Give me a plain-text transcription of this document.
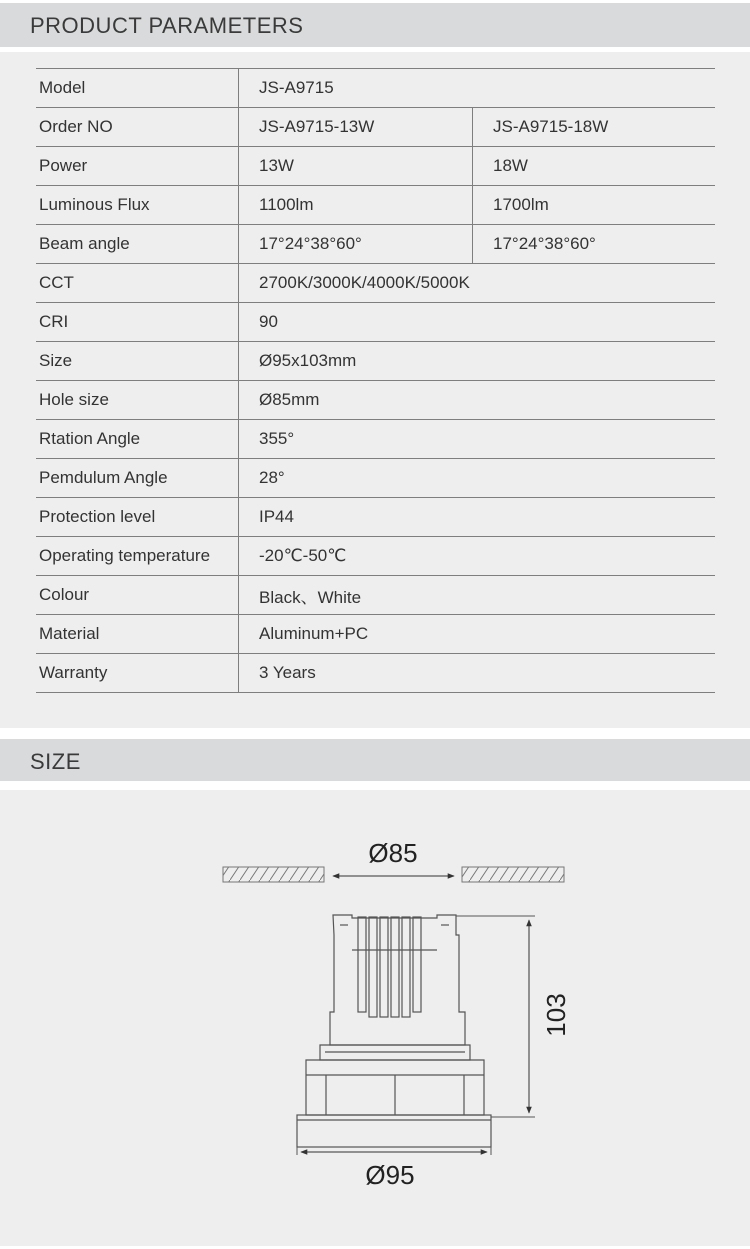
PRODUCT PARAMETERS
Model	JS-A9715	
Order NO	JS-A9715-13W	JS-A9715-18W
Power	13W	18W
Luminous Flux	1100lm	1700lm
Beam angle	17°24°38°60°	17°24°38°60°
CCT	2700K/3000K/4000K/5000K	
CRI	90	
Size	Ø95x103mm	
Hole size	Ø85mm	
Rtation Angle	355°	
Pemdulum Angle	28°	
Protection level	IP44	
Operating temperature	-20℃-50℃	
Colour	Black、White	
Material	Aluminum+PC	
Warranty	3 Years	
SIZE
Ø85
103
Ø95
